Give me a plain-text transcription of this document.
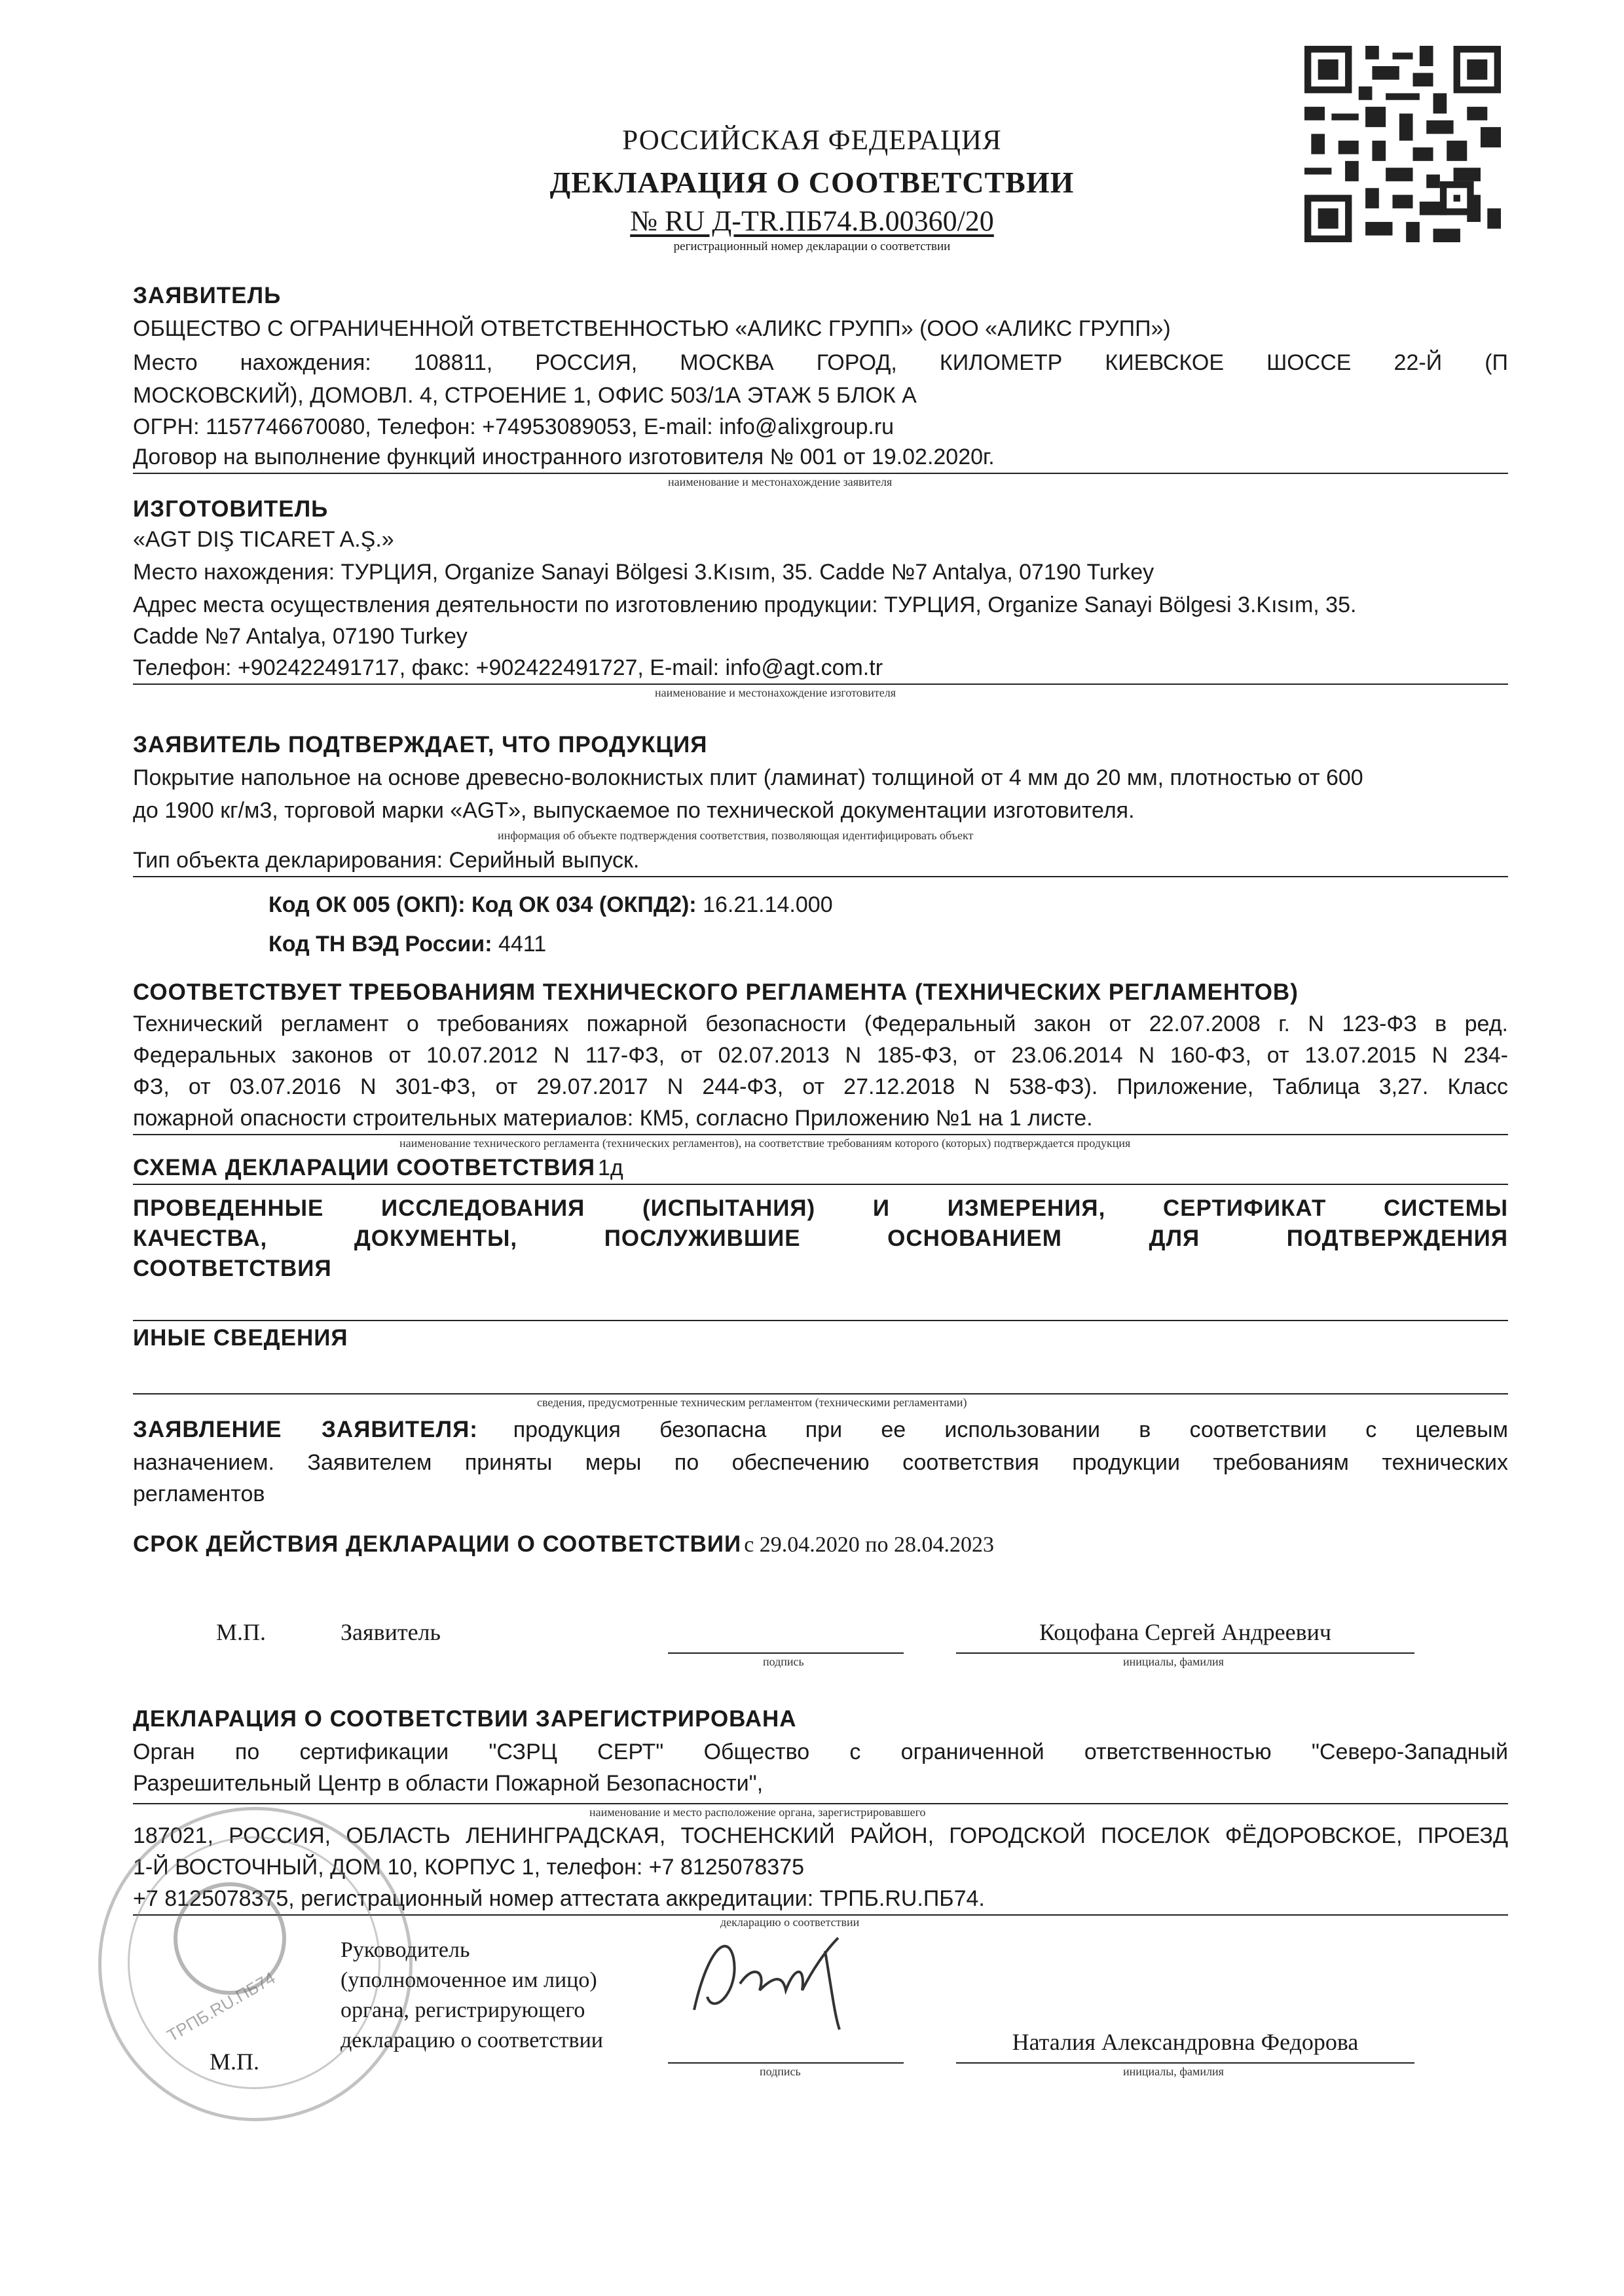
РОССИЙСКАЯ ФЕДЕРАЦИЯ
ДЕКЛАРАЦИЯ О СООТВЕТСТВИИ
№ RU Д-TR.ПБ74.В.00360/20
регистрационный номер декларации о соответствии
ЗАЯВИТЕЛЬ
ОБЩЕСТВО С ОГРАНИЧЕННОЙ ОТВЕТСТВЕННОСТЬЮ «АЛИКС ГРУПП» (ООО «АЛИКС ГРУПП»)
Место нахождения: 108811, РОССИЯ, МОСКВА ГОРОД, КИЛОМЕТР КИЕВСКОЕ ШОССЕ 22-Й (П
МОСКОВСКИЙ), ДОМОВЛ. 4, СТРОЕНИЕ 1, ОФИС 503/1А ЭТАЖ 5 БЛОК А
ОГРН: 1157746670080, Телефон: +74953089053, E-mail: info@alixgroup.ru
Договор на выполнение функций иностранного изготовителя № 001 от 19.02.2020г.
наименование и местонахождение заявителя
ИЗГОТОВИТЕЛЬ
«AGT DIŞ TICARET A.Ş.»
Место нахождения: ТУРЦИЯ, Organize Sanayi Bölgesi 3.Kısım, 35. Cadde №7 Antalya, 07190 Turkey
Адрес места осуществления деятельности по изготовлению продукции: ТУРЦИЯ, Organize Sanayi Bölgesi 3.Kısım, 35.
Cadde №7 Antalya, 07190 Turkey
Телефон: +902422491717, факс: +902422491727, E-mail: info@agt.com.tr
наименование и местонахождение изготовителя
ЗАЯВИТЕЛЬ ПОДТВЕРЖДАЕТ, ЧТО ПРОДУКЦИЯ
Покрытие напольное на основе древесно-волокнистых плит (ламинат) толщиной от 4 мм до 20 мм, плотностью от 600
до 1900 кг/м3, торговой марки «AGT», выпускаемое по технической документации изготовителя.
информация об объекте подтверждения соответствия, позволяющая идентифицировать объект
Тип объекта декларирования: Серийный выпуск.
Код ОК 005 (ОКП): Код ОК 034 (ОКПД2): 16.21.14.000
Код ТН ВЭД России: 4411
СООТВЕТСТВУЕТ ТРЕБОВАНИЯМ ТЕХНИЧЕСКОГО РЕГЛАМЕНТА (ТЕХНИЧЕСКИХ РЕГЛАМЕНТОВ)
Технический регламент о требованиях пожарной безопасности (Федеральный закон от 22.07.2008 г. N 123-ФЗ в ред.
Федеральных законов от 10.07.2012 N 117-ФЗ, от 02.07.2013 N 185-ФЗ, от 23.06.2014 N 160-ФЗ, от 13.07.2015 N 234-
ФЗ, от 03.07.2016 N 301-ФЗ, от 29.07.2017 N 244-ФЗ, от 27.12.2018 N 538-ФЗ). Приложение, Таблица 3,27. Класс
пожарной опасности строительных материалов: КМ5, согласно Приложению №1 на 1 листе.
наименование технического регламента (технических регламентов), на соответствие требованиям которого (которых) подтверждается продукция
СХЕМА ДЕКЛАРАЦИИ СООТВЕТСТВИЯ 1д
ПРОВЕДЕННЫЕ ИССЛЕДОВАНИЯ (ИСПЫТАНИЯ) И ИЗМЕРЕНИЯ, СЕРТИФИКАТ СИСТЕМЫ
КАЧЕСТВА, ДОКУМЕНТЫ, ПОСЛУЖИВШИЕ ОСНОВАНИЕМ ДЛЯ ПОДТВЕРЖДЕНИЯ
СООТВЕТСТВИЯ
ИНЫЕ СВЕДЕНИЯ
сведения, предусмотренные техническим регламентом (техническими регламентами)
ЗАЯВЛЕНИЕ ЗАЯВИТЕЛЯ: продукция безопасна при ее использовании в соответствии с целевым
назначением. Заявителем приняты меры по обеспечению соответствия продукции требованиям технических
регламентов
СРОК ДЕЙСТВИЯ ДЕКЛАРАЦИИ О СООТВЕТСТВИИ с 29.04.2020 по 28.04.2023
М.П.	Заявитель
подпись
Коцофана Сергей Андреевич
инициалы, фамилия
ДЕКЛАРАЦИЯ О СООТВЕТСТВИИ ЗАРЕГИСТРИРОВАНА
Орган по сертификации "СЗРЦ СЕРТ" Общество с ограниченной ответственностью "Северо-Западный
Разрешительный Центр в области Пожарной Безопасности",
наименование и место расположение органа, зарегистрировавшего
187021, РОССИЯ, ОБЛАСТЬ ЛЕНИНГРАДСКАЯ, ТОСНЕНСКИЙ РАЙОН, ГОРОДСКОЙ ПОСЕЛОК ФЁДОРОВСКОЕ, ПРОЕЗД
1-Й ВОСТОЧНЫЙ, ДОМ 10, КОРПУС 1, телефон: +7 8125078375
+7 8125078375, регистрационный номер аттестата аккредитации: ТРПБ.RU.ПБ74.
декларацию о соответствии
ТРПБ.RU.ПБ74
М.П.
Руководитель
(уполномоченное им лицо)
органа, регистрирующего
декларацию о соответствии
подпись
Наталия Александровна Федорова
инициалы, фамилия
